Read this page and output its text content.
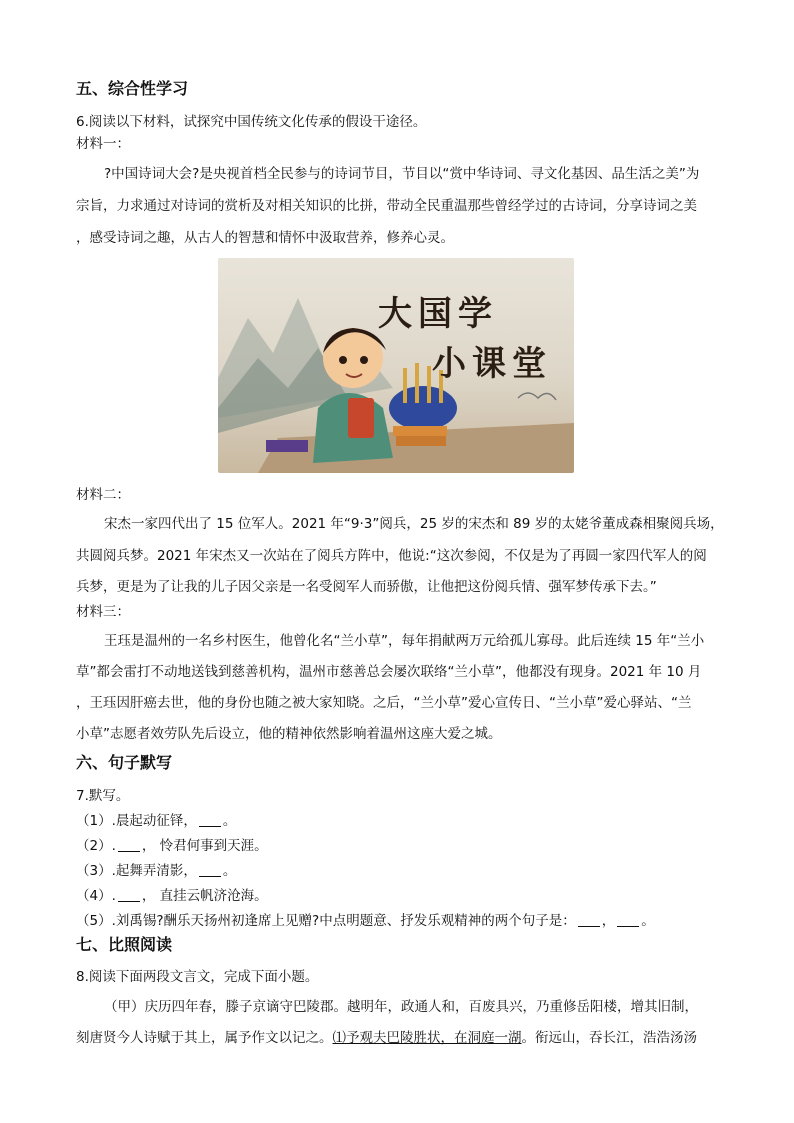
五、综合性学习
6.阅读以下材料，试探究中国传统文化传承的假设干途径。
材料一：
?中国诗词大会?是央视首档全民参与的诗词节目，节目以“赏中华诗词、寻文化基因、品生活之美”为
宗旨，力求通过对诗词的赏析及对相关知识的比拼，带动全民重温那些曾经学过的古诗词，分享诗词之美
，感受诗词之趣，从古人的智慧和情怀中汲取营养，修养心灵。
大国学
小课堂
材料二：
宋杰一家四代出了 15 位军人。2021 年“9·3”阅兵，25 岁的宋杰和 89 岁的太姥爷董成森相聚阅兵场，
共圆阅兵梦。2021 年宋杰又一次站在了阅兵方阵中，他说:“这次参阅，不仅是为了再圆一家四代军人的阅
兵梦，更是为了让我的儿子因父亲是一名受阅军人而骄傲，让他把这份阅兵情、强军梦传承下去。”
材料三：
王珏是温州的一名乡村医生，他曾化名“兰小草”，每年捐献两万元给孤儿寡母。此后连续 15 年“兰小
草”都会雷打不动地送钱到慈善机构，温州市慈善总会屡次联络“兰小草”，他都没有现身。2021 年 10 月
，王珏因肝癌去世，他的身份也随之被大家知晓。之后，“兰小草”爱心宣传日、“兰小草”爱心驿站、“兰
小草”志愿者效劳队先后设立，他的精神依然影响着温州这座大爱之城。
六、句子默写
7.默写。
（1）.晨起动征铎， 。
（2）. ， 怜君何事到天涯。
（3）.起舞弄清影， 。
（4）. ， 直挂云帆济沧海。
（5）.刘禹锡?酬乐天扬州初逢席上见赠?中点明题意、抒发乐观精神的两个句子是： ， 。
七、比照阅读
8.阅读下面两段文言文，完成下面小题。
（甲）庆历四年春，滕子京谪守巴陵郡。越明年，政通人和，百废具兴，乃重修岳阳楼，增其旧制，
刻唐贤今人诗赋于其上，属予作文以记之。⑴予观夫巴陵胜状，在洞庭一湖。衔远山，吞长江，浩浩汤汤
